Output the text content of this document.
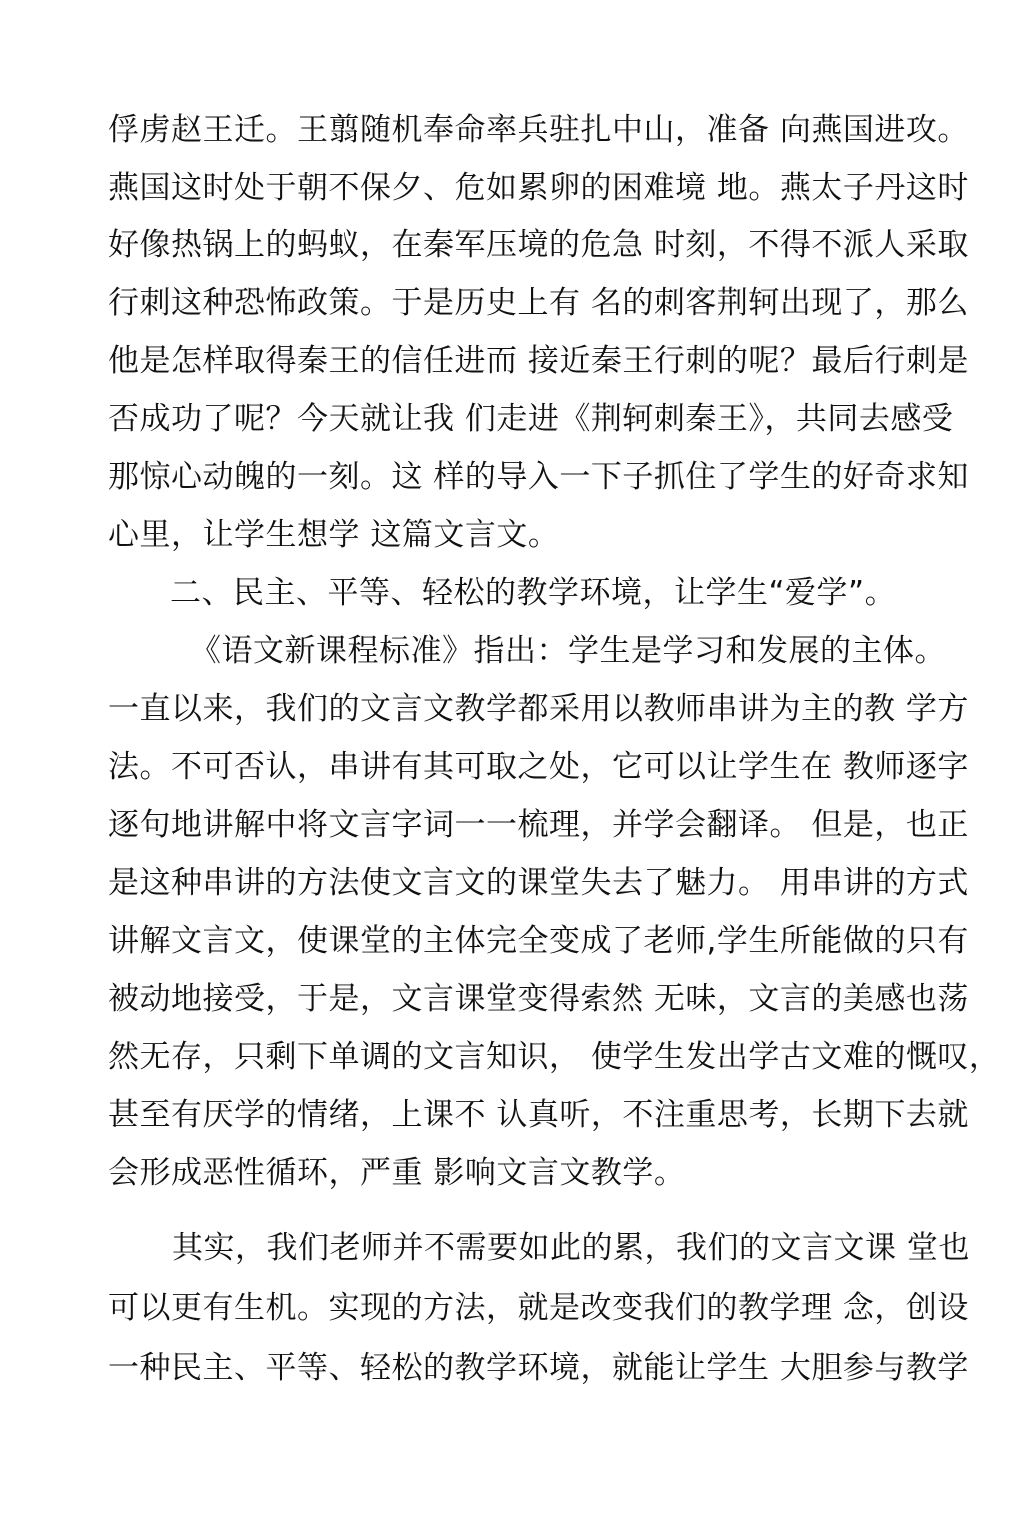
俘虏赵王迁。王翦随机奉命率兵驻扎中山，准备 向燕国进攻。
燕国这时处于朝不保夕、危如累卵的困难境 地。燕太子丹这时
好像热锅上的蚂蚁，在秦军压境的危急 时刻，不得不派人采取
行刺这种恐怖政策。于是历史上有 名的刺客荆轲出现了，那么
他是怎样取得秦王的信任进而 接近秦王行刺的呢？最后行刺是
否成功了呢？今天就让我 们走进《荆轲刺秦王》，共同去感受
那惊心动魄的一刻。这 样的导入一下子抓住了学生的好奇求知
心里，让学生想学 这篇文言文。
二、民主、平等、轻松的教学环境，让学生“爱学”。
《语文新课程标准》指出：学生是学习和发展的主体。
一直以来，我们的文言文教学都采用以教师串讲为主的教 学方
法。不可否认，串讲有其可取之处，它可以让学生在 教师逐字
逐句地讲解中将文言字词一一梳理，并学会翻译。 但是，也正
是这种串讲的方法使文言文的课堂失去了魅力。 用串讲的方式
讲解文言文，使课堂的主体完全变成了老师,学生所能做的只有
被动地接受，于是，文言课堂变得索然 无味，文言的美感也荡
然无存，只剩下单调的文言知识， 使学生发出学古文难的慨叹，
甚至有厌学的情绪，上课不 认真听，不注重思考，长期下去就
会形成恶性循环，严重 影响文言文教学。
其实，我们老师并不需要如此的累，我们的文言文课 堂也
可以更有生机。实现的方法，就是改变我们的教学理 念，创设
一种民主、平等、轻松的教学环境，就能让学生 大胆参与教学
